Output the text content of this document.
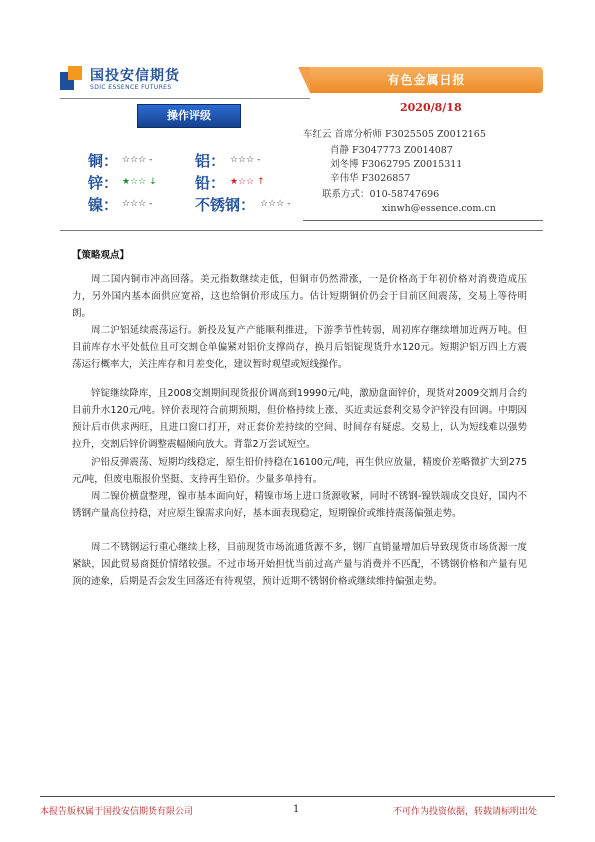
国投安信期货
SDIC ESSENCE FUTURES
有色金属日报
2020/8/18
操作评级
车红云 首席分析师 F3025505 Z0012165
肖静 F3047773 Z0014087
刘冬博 F3062795 Z0015311
辛伟华 F3026857
联系方式：010-58747696
xinwh@essence.com.cn
铜： ☆☆☆ -	铝： ☆☆☆ -
锌： ★☆☆ ↓	铅： ★☆☆ ↑
镍： ☆☆☆ -	不锈钢： ☆☆☆ -
【策略观点】
周二国内铜市冲高回落。美元指数继续走低，但铜市仍然滞涨，一是价格高于年初价格对消费造成压力，另外国内基本面供应宽裕，这也给铜价形成压力。估计短期铜价仍会于目前区间震荡，交易上等待明朗。
周二沪铝延续震荡运行。新投及复产产能顺利推进，下游季节性转弱，周初库存继续增加近两万吨。但目前库存水平处低位且可交割仓单偏紧对铝价支撑尚存，换月后铝锭现货升水120元。短期沪铝万四上方震荡运行概率大，关注库存和月差变化，建议暂时观望或短线操作。
锌锭继续降库，且2008交割期间现货报价调高到19990元/吨，激励盘面锌价，现货对2009交割月合约目前升水120元/吨。锌价表现符合前期预期，但价格持续上涨、买近卖远套利交易令沪锌没有回调。中期因预计后市供求两旺，且进口窗口打开，对正套价差持续的空间、时间存有疑虑。交易上，认为短线难以强势拉升，交割后锌价调整震幅倾向放大。背靠2万尝试短空。
沪铅反弹震荡、短期均线稳定，原生铅价持稳在16100元/吨，再生供应放量，精废价差略微扩大到275元/吨，但废电瓶报价坚挺、支持再生铅价。少量多单持有。
周二镍价横盘整理，镍市基本面向好，精镍市场上进口货源收紧，同时不锈钢-镍铁端成交良好，国内不锈钢产量高位持稳，对应原生镍需求向好，基本面表现稳定，短期镍价或维持震荡偏强走势。
周二不锈钢运行重心继续上移，目前现货市场流通货源不多，钢厂直销量增加后导致现货市场货源一度紧缺，因此贸易商挺价情绪较强。不过市场开始担忧当前过高产量与消费并不匹配，不锈钢价格和产量有见顶的迹象，后期是否会发生回落还有待观望，预计近期不锈钢价格或继续维持偏强走势。
本报告版权属于国投安信期货有限公司	1	不可作为投资依据，转载请标明出处
